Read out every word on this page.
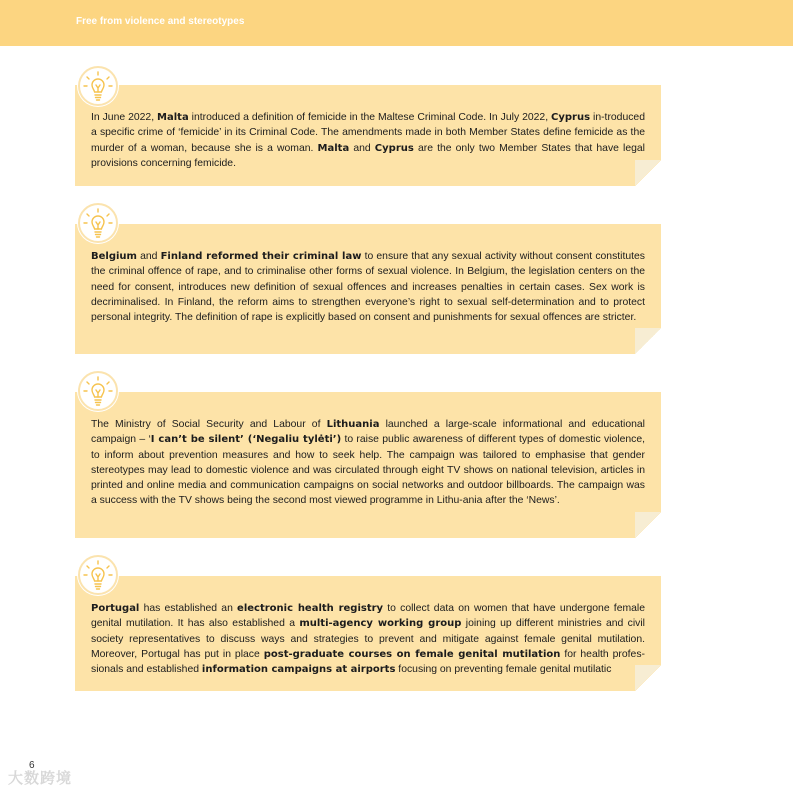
Free from violence and stereotypes
In June 2022, Malta introduced a definition of femicide in the Maltese Criminal Code. In July 2022, Cyprus in-troduced a specific crime of ‘femicide’ in its Criminal Code. The amendments made in both Member States define femicide as the murder of a woman, because she is a woman. Malta and Cyprus are the only two Member States that have legal provisions concerning femicide.
Belgium and Finland reformed their criminal law to ensure that any sexual activity without consent constitutes the criminal offence of rape, and to criminalise other forms of sexual violence. In Belgium, the legislation centers on the need for consent, introduces new definition of sexual offences and increases penalties in certain cases. Sex work is decriminalised. In Finland, the reform aims to strengthen everyone’s right to sexual self-determination and to protect personal integrity. The definition of rape is explicitly based on consent and punishments for sexual offences are stricter.
The Ministry of Social Security and Labour of Lithuania launched a large-scale informational and educational campaign – ‘I can’t be silent’ (‘Negaliu tylėti’) to raise public awareness of different types of domestic violence, to inform about prevention measures and how to seek help. The campaign was tailored to emphasise that gender stereotypes may lead to domestic violence and was circulated through eight TV shows on national television, articles in printed and online media and communication campaigns on social networks and outdoor billboards. The campaign was a success with the TV shows being the second most viewed programme in Lithu-ania after the ‘News’.
Portugal has established an electronic health registry to collect data on women that have undergone female genital mutilation. It has also established a multi-agency working group joining up different ministries and civil society representatives to discuss ways and strategies to prevent and mitigate against female genital mutilation. Moreover, Portugal has put in place post-graduate courses on female genital mutilation for health profes-sionals and established information campaigns at airports focusing on preventing female genital mutilatic
6
大数跨境
